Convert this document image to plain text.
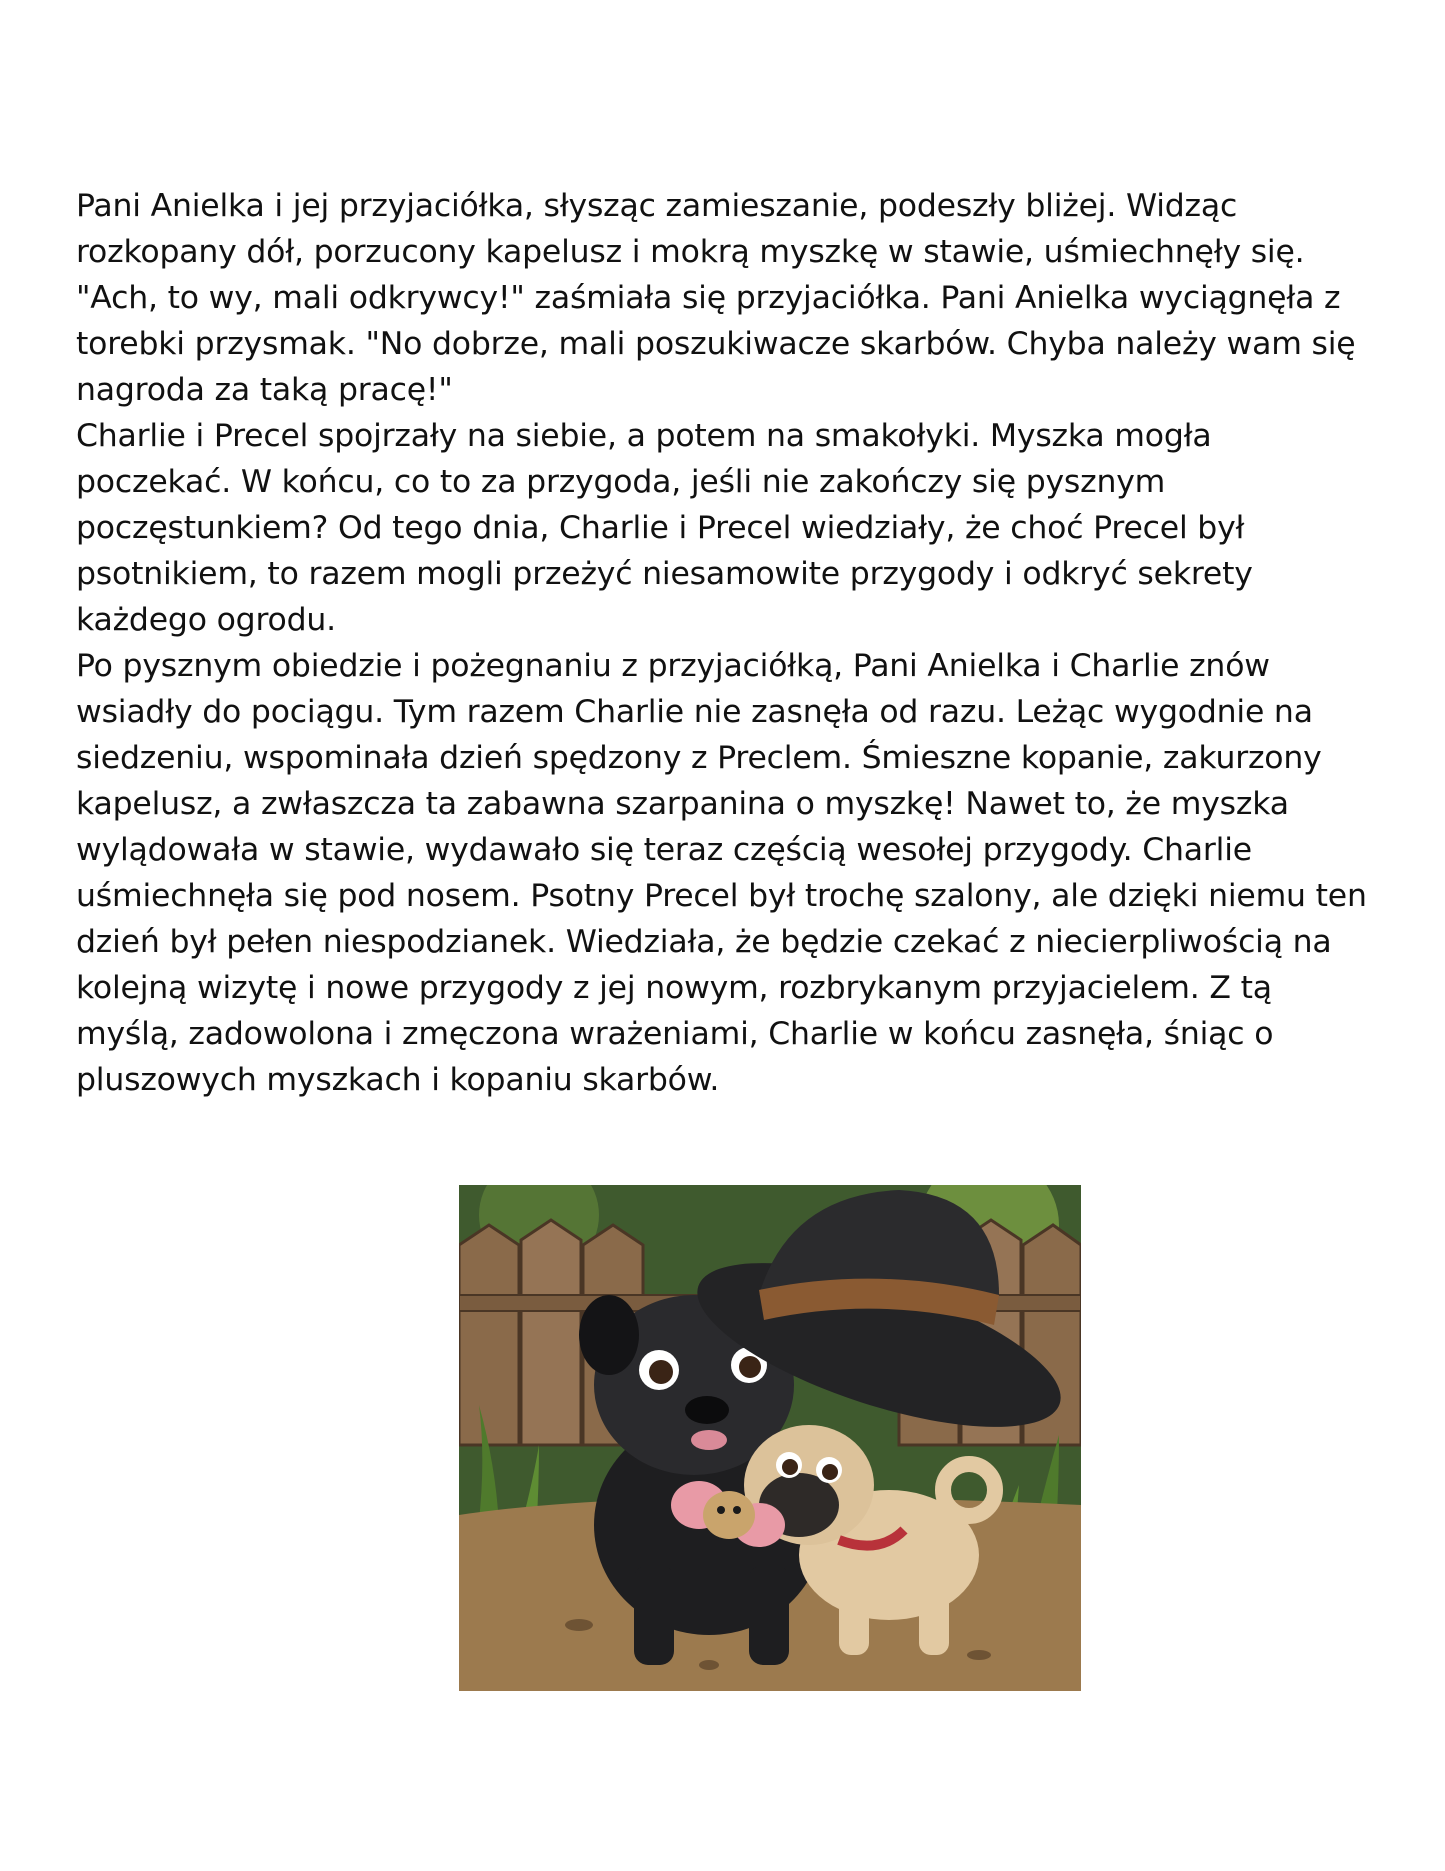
Pani Anielka i jej przyjaciółka, słysząc zamieszanie, podeszły bliżej. Widząc rozkopany dół, porzucony kapelusz i mokrą myszkę w stawie, uśmiechnęły się. "Ach, to wy, mali odkrywcy!" zaśmiała się przyjaciółka. Pani Anielka wyciągnęła z torebki przysmak. "No dobrze, mali poszukiwacze skarbów. Chyba należy wam się nagroda za taką pracę!"

Charlie i Precel spojrzały na siebie, a potem na smakołyki. Myszka mogła poczekać. W końcu, co to za przygoda, jeśli nie zakończy się pysznym poczęstunkiem? Od tego dnia, Charlie i Precel wiedziały, że choć Precel był psotnikiem, to razem mogli przeżyć niesamowite przygody i odkryć sekrety każdego ogrodu.

Po pysznym obiedzie i pożegnaniu z przyjaciółką, Pani Anielka i Charlie znów wsiadły do pociągu. Tym razem Charlie nie zasnęła od razu. Leżąc wygodnie na siedzeniu, wspominała dzień spędzony z Preclem. Śmieszne kopanie, zakurzony kapelusz, a zwłaszcza ta zabawna szarpanina o myszkę! Nawet to, że myszka wylądowała w stawie, wydawało się teraz częścią wesołej przygody. Charlie uśmiechnęła się pod nosem. Psotny Precel był trochę szalony, ale dzięki niemu ten dzień był pełen niespodzianek. Wiedziała, że będzie czekać z niecierpliwością na kolejną wizytę i nowe przygody z jej nowym, rozbrykanym przyjacielem. Z tą myślą, zadowolona i zmęczona wrażeniami, Charlie w końcu zasnęła, śniąc o pluszowych myszkach i kopaniu skarbów.
